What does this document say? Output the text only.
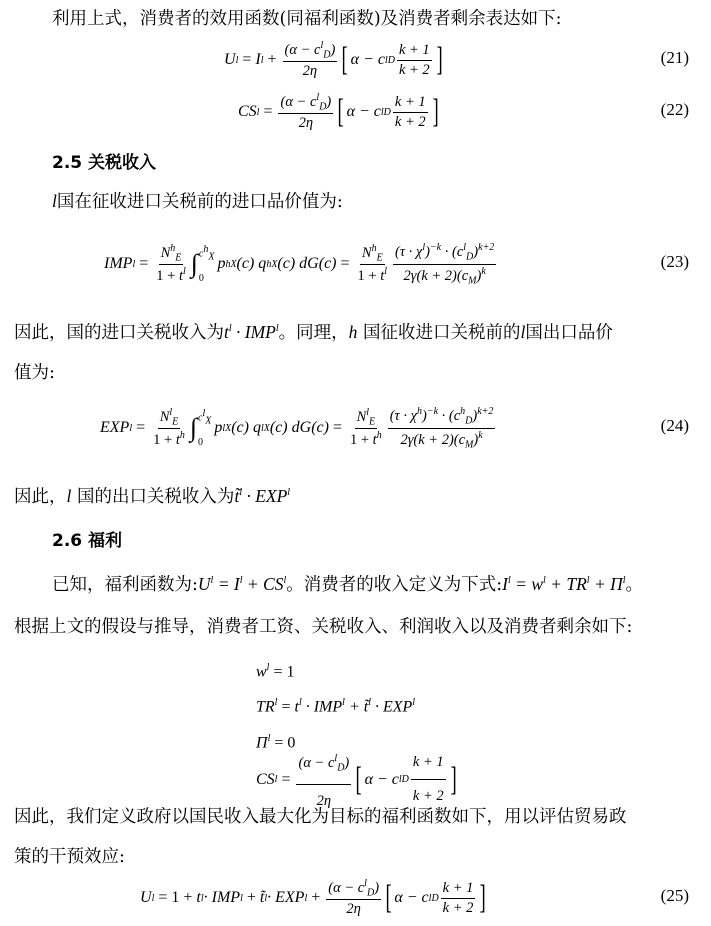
利用上式，消费者的效用函数(同福利函数)及消费者剩余表达如下:
U l = I $l + \frac{(\alpha - c^l_D)}{2\eta}$ [ α − c l D $\frac{k + 1}{k + 2}$ ]	(21)
CS $l = \frac{(\alpha - c^l_D)}{2\eta}$ [ α − c l D $\frac{k + 1}{k + 2}$ ]	(22)
2.5 关税收入
l国在征收进口关税前的进口品价值为:
IMP $l = \frac{N^h_E}{1 + t^l}$ ∫ $c^h_X$
0
p h X (c) q h X (c) $dG(c) = \frac{N^h_E}{1 + t^l} \frac{(\tau \cdot \chi^l)^{-k} \cdot (c^l_D)^{k+2}}{2\gamma(k + 2)(c_M)^k}$	(23)
因此，国的进口关税收入为$t^l \cdot IMP^l$。同理，h 国征收进口关税前的l国出口品价
值为:
EXP $l = \frac{N^l_E}{1 + t^h}$ ∫ $c^l_X$
0
p l X (c) q l X (c) $dG(c) = \frac{N^l_E}{1 + t^h} \frac{(\tau \cdot \chi^h)^{-k} \cdot (c^h_D)^{k+2}}{2\gamma(k + 2)(c_M)^k}$	(24)
因此，l 国的出口关税收入为t̃$^l$ · $EXP^l$
2.6 福利
已知，福利函数为$:U^l = I^l + CS^l$。消费者的收入定义为下式$:I^l = w^l + TR^l + \Pi^l$。
根据上文的假设与推导，消费者工资、关税收入、利润收入以及消费者剩余如下:
$w^l = 1$
$TR^l = t^l \cdot IMP^l$ + t̃$^l$ · $EXP^l$
$\Pi^l = 0$
CS $l = \frac{(\alpha - c^l_D)}{2\eta}$ [ α − c l D $\frac{k + 1}{k + 2}$ ]
因此，我们定义政府以国民收入最大化为目标的福利函数如下，用以评估贸易政
策的干预效应:
U l = 1 + t l · IMP l + t̃ l · EXP $l + \frac{(\alpha - c^l_D)}{2\eta}$ [ α − c l D $\frac{k + 1}{k + 2}$ ]	(25)
